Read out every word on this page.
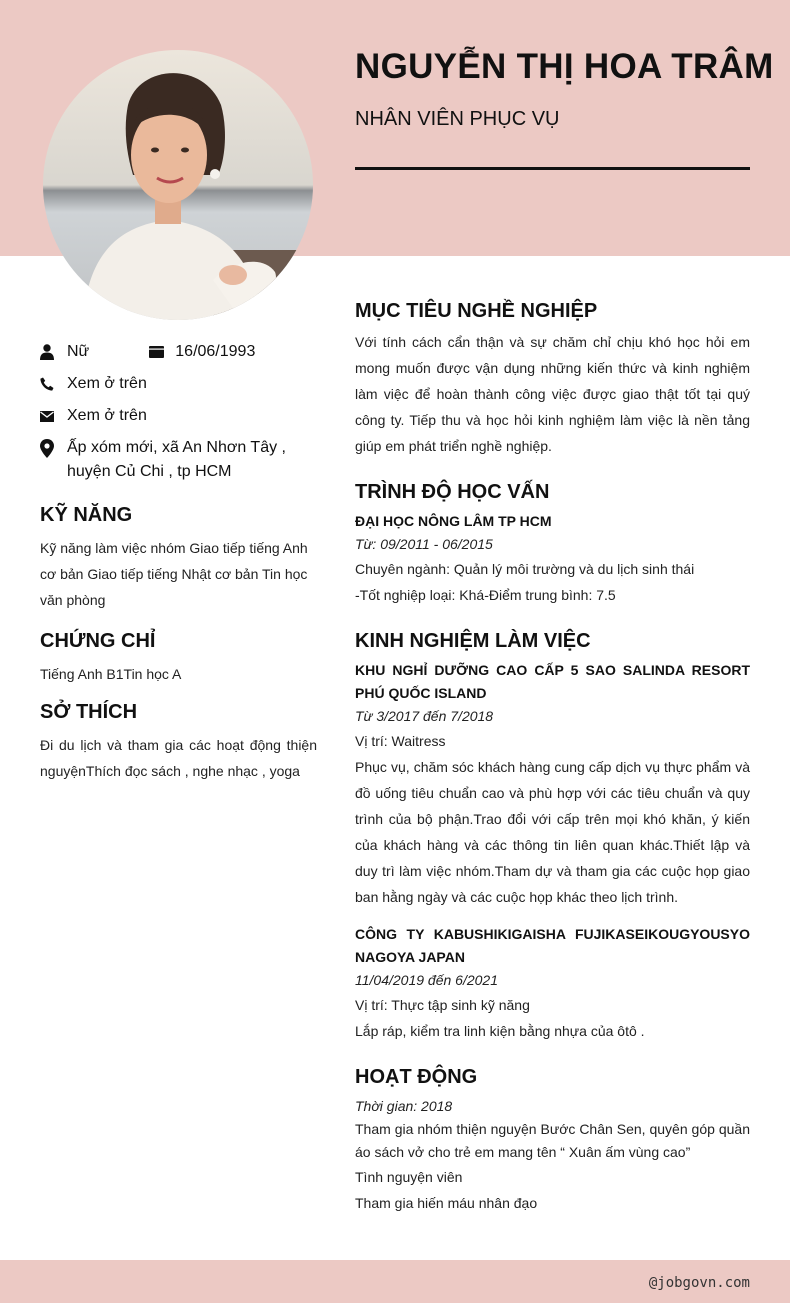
NGUYỄN THỊ HOA TRÂM
NHÂN VIÊN PHỤC VỤ
Nữ	16/06/1993
Xem ở trên
Xem ở trên
Ấp xóm mới, xã An Nhơn Tây , huyện Củ Chi , tp HCM
KỸ NĂNG

Kỹ năng làm việc nhóm Giao tiếp tiếng Anh cơ bản Giao tiếp tiếng Nhật cơ bản Tin học văn phòng

CHỨNG CHỈ

Tiếng Anh B1Tin học A

SỞ THÍCH

Đi du lịch và tham gia các hoạt động thiện nguyệnThích đọc sách , nghe nhạc , yoga

MỤC TIÊU NGHỀ NGHIỆP

Với tính cách cẩn thận và sự chăm chỉ chịu khó học hỏi em mong muốn được vận dụng những kiến thức và kinh nghiệm làm việc để hoàn thành công việc được giao thật tốt tại quý công ty. Tiếp thu và học hỏi kinh nghiệm làm việc là nền tảng giúp em phát triển nghề nghiệp.

TRÌNH ĐỘ HỌC VẤN

ĐẠI HỌC NÔNG LÂM TP HCM

Từ: 09/2011 - 06/2015

Chuyên ngành: Quản lý môi trường và du lịch sinh thái

-Tốt nghiệp loại: Khá-Điểm trung bình: 7.5

KINH NGHIỆM LÀM VIỆC

KHU NGHỈ DƯỠNG CAO CẤP 5 SAO SALINDA RESORT PHÚ QUỐC ISLAND

Từ 3/2017 đến 7/2018

Vị trí: Waitress

Phục vụ, chăm sóc khách hàng cung cấp dịch vụ thực phẩm và đồ uống tiêu chuẩn cao và phù hợp với các tiêu chuẩn và quy trình của bộ phận.Trao đổi với cấp trên mọi khó khăn, ý kiến của khách hàng và các thông tin liên quan khác.Thiết lập và duy trì làm việc nhóm.Tham dự và tham gia các cuộc họp giao ban hằng ngày và các cuộc họp khác theo lịch trình.

CÔNG TY KABUSHIKIGAISHA FUJIKASEIKOUGYOUSYO NAGOYA JAPAN

11/04/2019 đến 6/2021

Vị trí: Thực tập sinh kỹ năng

Lắp ráp, kiểm tra linh kiện bằng nhựa của ôtô .

HOẠT ĐỘNG

Thời gian: 2018

Tham gia nhóm thiện nguyện Bước Chân Sen, quyên góp quần áo sách vở cho trẻ em mang tên “ Xuân ấm vùng cao”

Tình nguyện viên

Tham gia hiến máu nhân đạo

@jobgovn.com
